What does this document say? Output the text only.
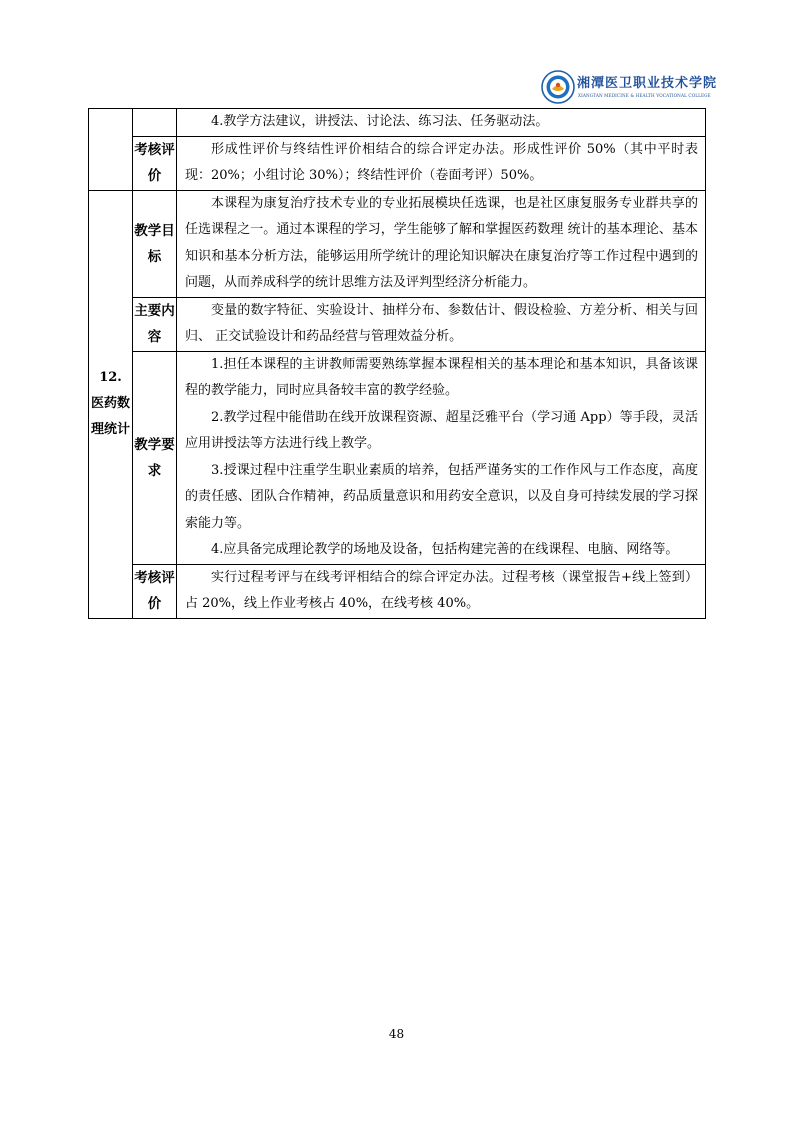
湘潭医卫职业技术学院
XIANGTAN MEDICINE & HEALTH VOCATIONAL COLLEGE

		4.教学方法建议，讲授法、讨论法、练习法、任务驱动法。

	考核评价	形成性评价与终结性评价相结合的综合评定办法。形成性评价 50%（其中平时表现：20%；小组讨论 30%）；终结性评价（卷面考评）50%。

12.
医药数理统计	教学目标	本课程为康复治疗技术专业的专业拓展模块任选课，也是社区康复服务专业群共享的任选课程之一。通过本课程的学习，学生能够了解和掌握医药数理 统计的基本理论、基本知识和基本分析方法，能够运用所学统计的理论知识解决在康复治疗等工作过程中遇到的问题，从而养成科学的统计思维方法及评判型经济分析能力。

	主要内容	变量的数字特征、实验设计、抽样分布、参数估计、假设检验、方差分析、相关与回归、 正交试验设计和药品经营与管理效益分析。

	教学要求	1.担任本课程的主讲教师需要熟练掌握本课程相关的基本理论和基本知识，具备该课程的教学能力，同时应具备较丰富的教学经验。

2.教学过程中能借助在线开放课程资源、超星泛雅平台（学习通 App）等手段，灵活应用讲授法等方法进行线上教学。

3.授课过程中注重学生职业素质的培养，包括严谨务实的工作作风与工作态度，高度的责任感、团队合作精神，药品质量意识和用药安全意识，以及自身可持续发展的学习探索能力等。

4.应具备完成理论教学的场地及设备，包括构建完善的在线课程、电脑、网络等。

	考核评价	实行过程考评与在线考评相结合的综合评定办法。过程考核（课堂报告+线上签到）占 20%，线上作业考核占 40%，在线考核 40%。

48
